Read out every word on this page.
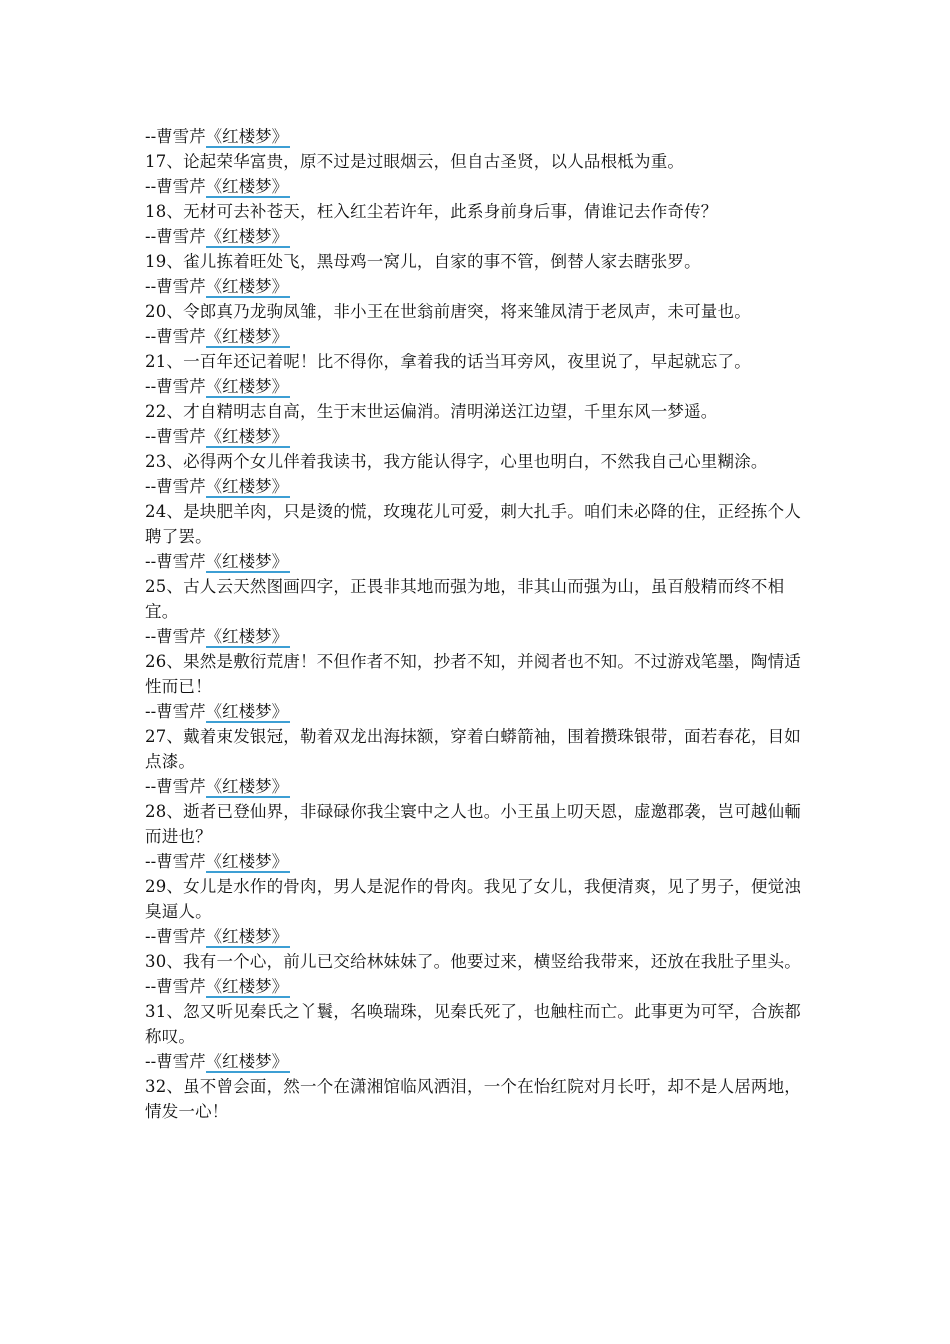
--曹雪芹《红楼梦》
17、论起荣华富贵，原不过是过眼烟云，但自古圣贤，以人品根柢为重。
--曹雪芹《红楼梦》
18、无材可去补苍天，枉入红尘若许年，此系身前身后事，倩谁记去作奇传？
--曹雪芹《红楼梦》
19、雀儿拣着旺处飞，黑母鸡一窝儿，自家的事不管，倒替人家去瞎张罗。
--曹雪芹《红楼梦》
20、令郎真乃龙驹凤雏，非小王在世翁前唐突，将来雏凤清于老凤声，未可量也。
--曹雪芹《红楼梦》
21、一百年还记着呢！比不得你，拿着我的话当耳旁风，夜里说了，早起就忘了。
--曹雪芹《红楼梦》
22、才自精明志自高，生于末世运偏消。清明涕送江边望，千里东风一梦遥。
--曹雪芹《红楼梦》
23、必得两个女儿伴着我读书，我方能认得字，心里也明白，不然我自己心里糊涂。
--曹雪芹《红楼梦》
24、是块肥羊肉，只是烫的慌，玫瑰花儿可爱，刺大扎手。咱们未必降的住，正经拣个人聘了罢。
--曹雪芹《红楼梦》
25、古人云天然图画四字，正畏非其地而强为地，非其山而强为山，虽百般精而终不相宜。
--曹雪芹《红楼梦》
26、果然是敷衍荒唐！不但作者不知，抄者不知，并阅者也不知。不过游戏笔墨，陶情适性而已！
--曹雪芹《红楼梦》
27、戴着束发银冠，勒着双龙出海抹额，穿着白蟒箭袖，围着攒珠银带，面若春花，目如点漆。
--曹雪芹《红楼梦》
28、逝者已登仙界，非碌碌你我尘寰中之人也。小王虽上叨天恩，虚邀郡袭，岂可越仙輀而进也？
--曹雪芹《红楼梦》
29、女儿是水作的骨肉，男人是泥作的骨肉。我见了女儿，我便清爽，见了男子，便觉浊臭逼人。
--曹雪芹《红楼梦》
30、我有一个心，前儿已交给林妹妹了。他要过来，横竖给我带来，还放在我肚子里头。
--曹雪芹《红楼梦》
31、忽又听见秦氏之丫鬟，名唤瑞珠，见秦氏死了，也触柱而亡。此事更为可罕，合族都称叹。
--曹雪芹《红楼梦》
32、虽不曾会面，然一个在潇湘馆临风洒泪，一个在怡红院对月长吁，却不是人居两地，情发一心！
